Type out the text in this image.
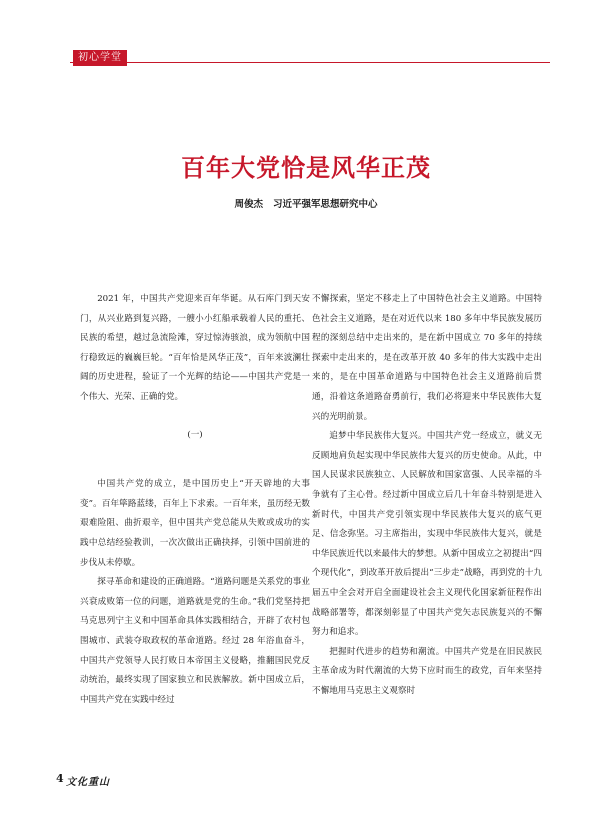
初心学堂
百年大党恰是风华正茂
周俊杰 习近平强军思想研究中心

2021 年，中国共产党迎来百年华诞。从石库门到天安门，从兴业路到复兴路，一艘小小红船承载着人民的重托、民族的希望，越过急流险滩，穿过惊涛骇浪，成为领航中国行稳致远的巍巍巨轮。“百年恰是风华正茂”，百年来波澜壮阔的历史进程，验证了一个光辉的结论——中国共产党是一个伟大、光荣、正确的党。

(一)

中国共产党的成立，是中国历史上“开天辟地的大事变”。百年筚路蓝缕，百年上下求索。一百年来，虽历经无数艰难险阻、曲折艰辛，但中国共产党总能从失败或成功的实践中总结经验教训，一次次做出正确抉择，引领中国前进的步伐从未停歇。

探寻革命和建设的正确道路。“道路问题是关系党的事业兴衰成败第一位的问题，道路就是党的生命。”我们党坚持把马克思列宁主义和中国革命具体实践相结合，开辟了农村包围城市、武装夺取政权的革命道路。经过 28 年浴血奋斗，中国共产党领导人民打败日本帝国主义侵略，推翻国民党反动统治，最终实现了国家独立和民族解放。新中国成立后，中国共产党在实践中经过

不懈探索，坚定不移走上了中国特色社会主义道路。中国特色社会主义道路，是在对近代以来 180 多年中华民族发展历程的深刻总结中走出来的，是在新中国成立 70 多年的持续探索中走出来的，是在改革开放 40 多年的伟大实践中走出来的，是在中国革命道路与中国特色社会主义道路前后贯通，沿着这条道路奋勇前行，我们必将迎来中华民族伟大复兴的光明前景。

追梦中华民族伟大复兴。中国共产党一经成立，就义无反顾地肩负起实现中华民族伟大复兴的历史使命。从此，中国人民谋求民族独立、人民解放和国家富强、人民幸福的斗争就有了主心骨。经过新中国成立后几十年奋斗特别是进入新时代，中国共产党引领实现中华民族伟大复兴的底气更足、信念弥坚。习主席指出，实现中华民族伟大复兴，就是中华民族近代以来最伟大的梦想。从新中国成立之初提出“四个现代化”，到改革开放后提出“三步走”战略，再到党的十九届五中全会对开启全面建设社会主义现代化国家新征程作出战略部署等，都深刻彰显了中国共产党矢志民族复兴的不懈努力和追求。

把握时代进步的趋势和潮流。中国共产党是在旧民族民主革命成为时代潮流的大势下应时而生的政党，百年来坚持不懈地用马克思主义观察时

4 文化重山
